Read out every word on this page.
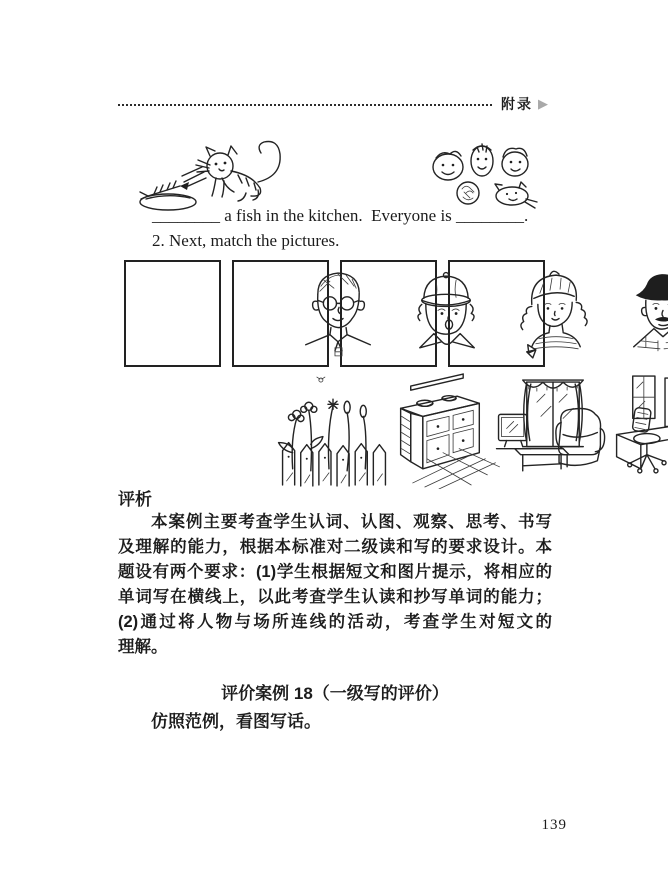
附录 ▶
________ a fish in the kitchen.  Everyone is ________.
2. Next, match the pictures.
评析
本案例主要考查学生认词、认图、观察、思考、书写
及理解的能力，根据本标准对二级读和写的要求设计。本
题设有两个要求：(1)学生根据短文和图片提示，将相应的
单词写在横线上，以此考查学生认读和抄写单词的能力；
(2)通过将人物与场所连线的活动，考查学生对短文的
理解。
评价案例 18（一级写的评价）
仿照范例，看图写话。
139
